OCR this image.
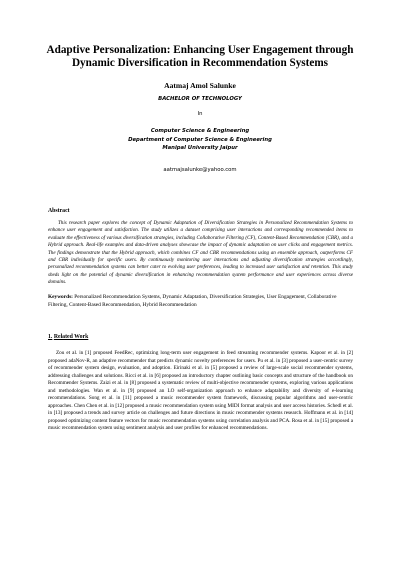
Adaptive Personalization: Enhancing User Engagement through Dynamic Diversification in Recommendation Systems

Aatmaj Amol Salunke

BACHELOR OF TECHNOLOGY

In

Computer Science & Engineering
Department of Computer Science & Engineering
Manipal University Jaipur

aatmajsalunke@yahoo.com

Abstract

This research paper explores the concept of Dynamic Adaptation of Diversification Strategies in Personalized Recommendation Systems to enhance user engagement and satisfaction. The study utilizes a dataset comprising user interactions and corresponding recommended items to evaluate the effectiveness of various diversification strategies, including Collaborative Filtering (CF), Content-Based Recommendation (CBR), and a Hybrid approach. Real-life examples and data-driven analyses showcase the impact of dynamic adaptation on user clicks and engagement metrics. The findings demonstrate that the Hybrid approach, which combines CF and CBR recommendations using an ensemble approach, outperforms CF and CBR individually for specific users. By continuously monitoring user interactions and adjusting diversification strategies accordingly, personalized recommendation systems can better cater to evolving user preferences, leading to increased user satisfaction and retention. This study sheds light on the potential of dynamic diversification in enhancing recommendation system performance and user experiences across diverse domains.

Keywords: Personalized Recommendation Systems, Dynamic Adaptation, Diversification Strategies, User Engagement, Collaborative Filtering, Content-Based Recommendation, Hybrid Recommendation

1. Related Work

Zou et al. in [1] proposed FeedRec, optimizing long-term user engagement in feed streaming recommender systems. Kapoor et al. in [2] proposed adaNov-R, an adaptive recommender that predicts dynamic novelty preferences for users. Pu et al. in [3] proposed a user-centric survey of recommender system design, evaluation, and adoption. Eirinaki et al. in [5] proposed a review of large-scale social recommender systems, addressing challenges and solutions. Ricci et al. in [6] proposed an introductory chapter outlining basic concepts and structure of the handbook on Recommender Systems. Zaizi et al. in [8] proposed a systematic review of multi-objective recommender systems, exploring various applications and methodologies. Wan et al. in [9] proposed an LO self-organization approach to enhance adaptability and diversity of e-learning recommendations. Song et al. in [11] proposed a music recommender system framework, discussing popular algorithms and user-centric approaches. Chen Chen et al. in [12] proposed a music recommendation system using MIDI format analysis and user access histories. Schedl et al. in [13] proposed a trends and survey article on challenges and future directions in music recommender systems research. Hoffmann et al. in [14] proposed optimizing content feature vectors for music recommendation systems using correlation analysis and PCA. Rosa et al. in [15] proposed a music recommendation system using sentiment analysis and user profiles for enhanced recommendations.
